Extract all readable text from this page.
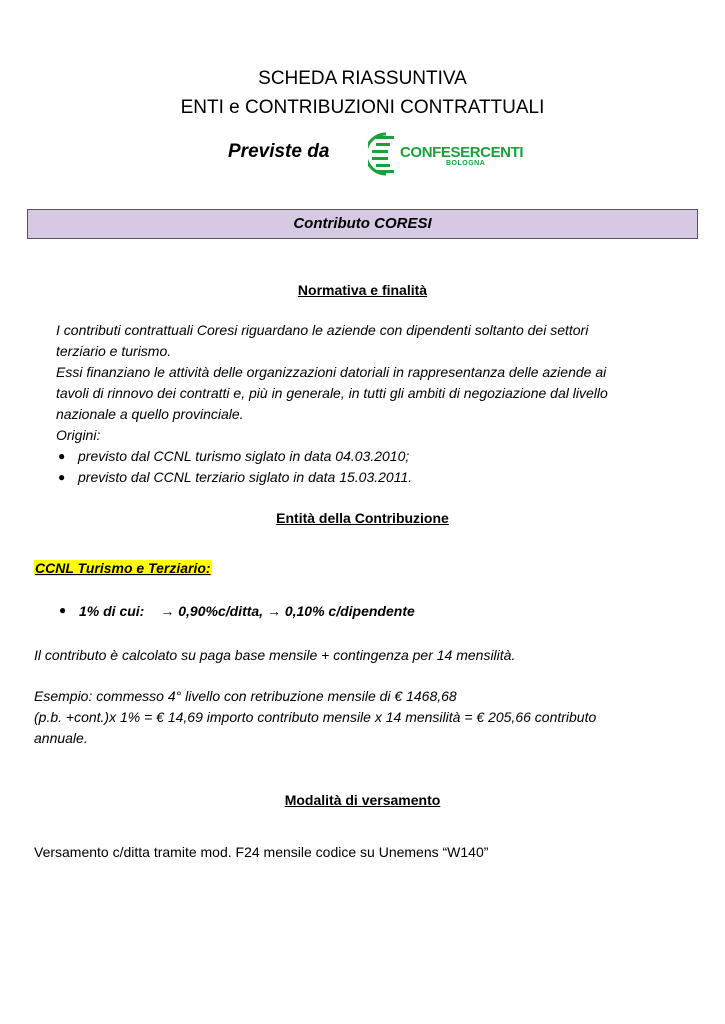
SCHEDA RIASSUNTIVA
ENTI e CONTRIBUZIONI CONTRATTUALI
Previste da	CONFESERCENTI
BOLOGNA
Contributo CORESI
Normativa e finalità
I contributi contrattuali Coresi riguardano le aziende con dipendenti soltanto dei settori
terziario e turismo.
Essi finanziano le attività delle organizzazioni datoriali in rappresentanza delle aziende ai
tavoli di rinnovo dei contratti e, più in generale, in tutti gli ambiti di negoziazione dal livello
nazionale a quello provinciale.
Origini:
● previsto dal CCNL turismo siglato in data 04.03.2010;
● previsto dal CCNL terziario siglato in data 15.03.2011.
Entità della Contribuzione
CCNL Turismo e Terziario:
● 1% di cui: → 0,90%c/ditta, → 0,10% c/dipendente
Il contributo è calcolato su paga base mensile + contingenza per 14 mensilità.
Esempio: commesso 4° livello con retribuzione mensile di € 1468,68
(p.b. +cont.)x 1% = € 14,69 importo contributo mensile x 14 mensilità = € 205,66 contributo
annuale.
Modalità di versamento
Versamento c/ditta tramite mod. F24 mensile codice su Unemens “W140”
